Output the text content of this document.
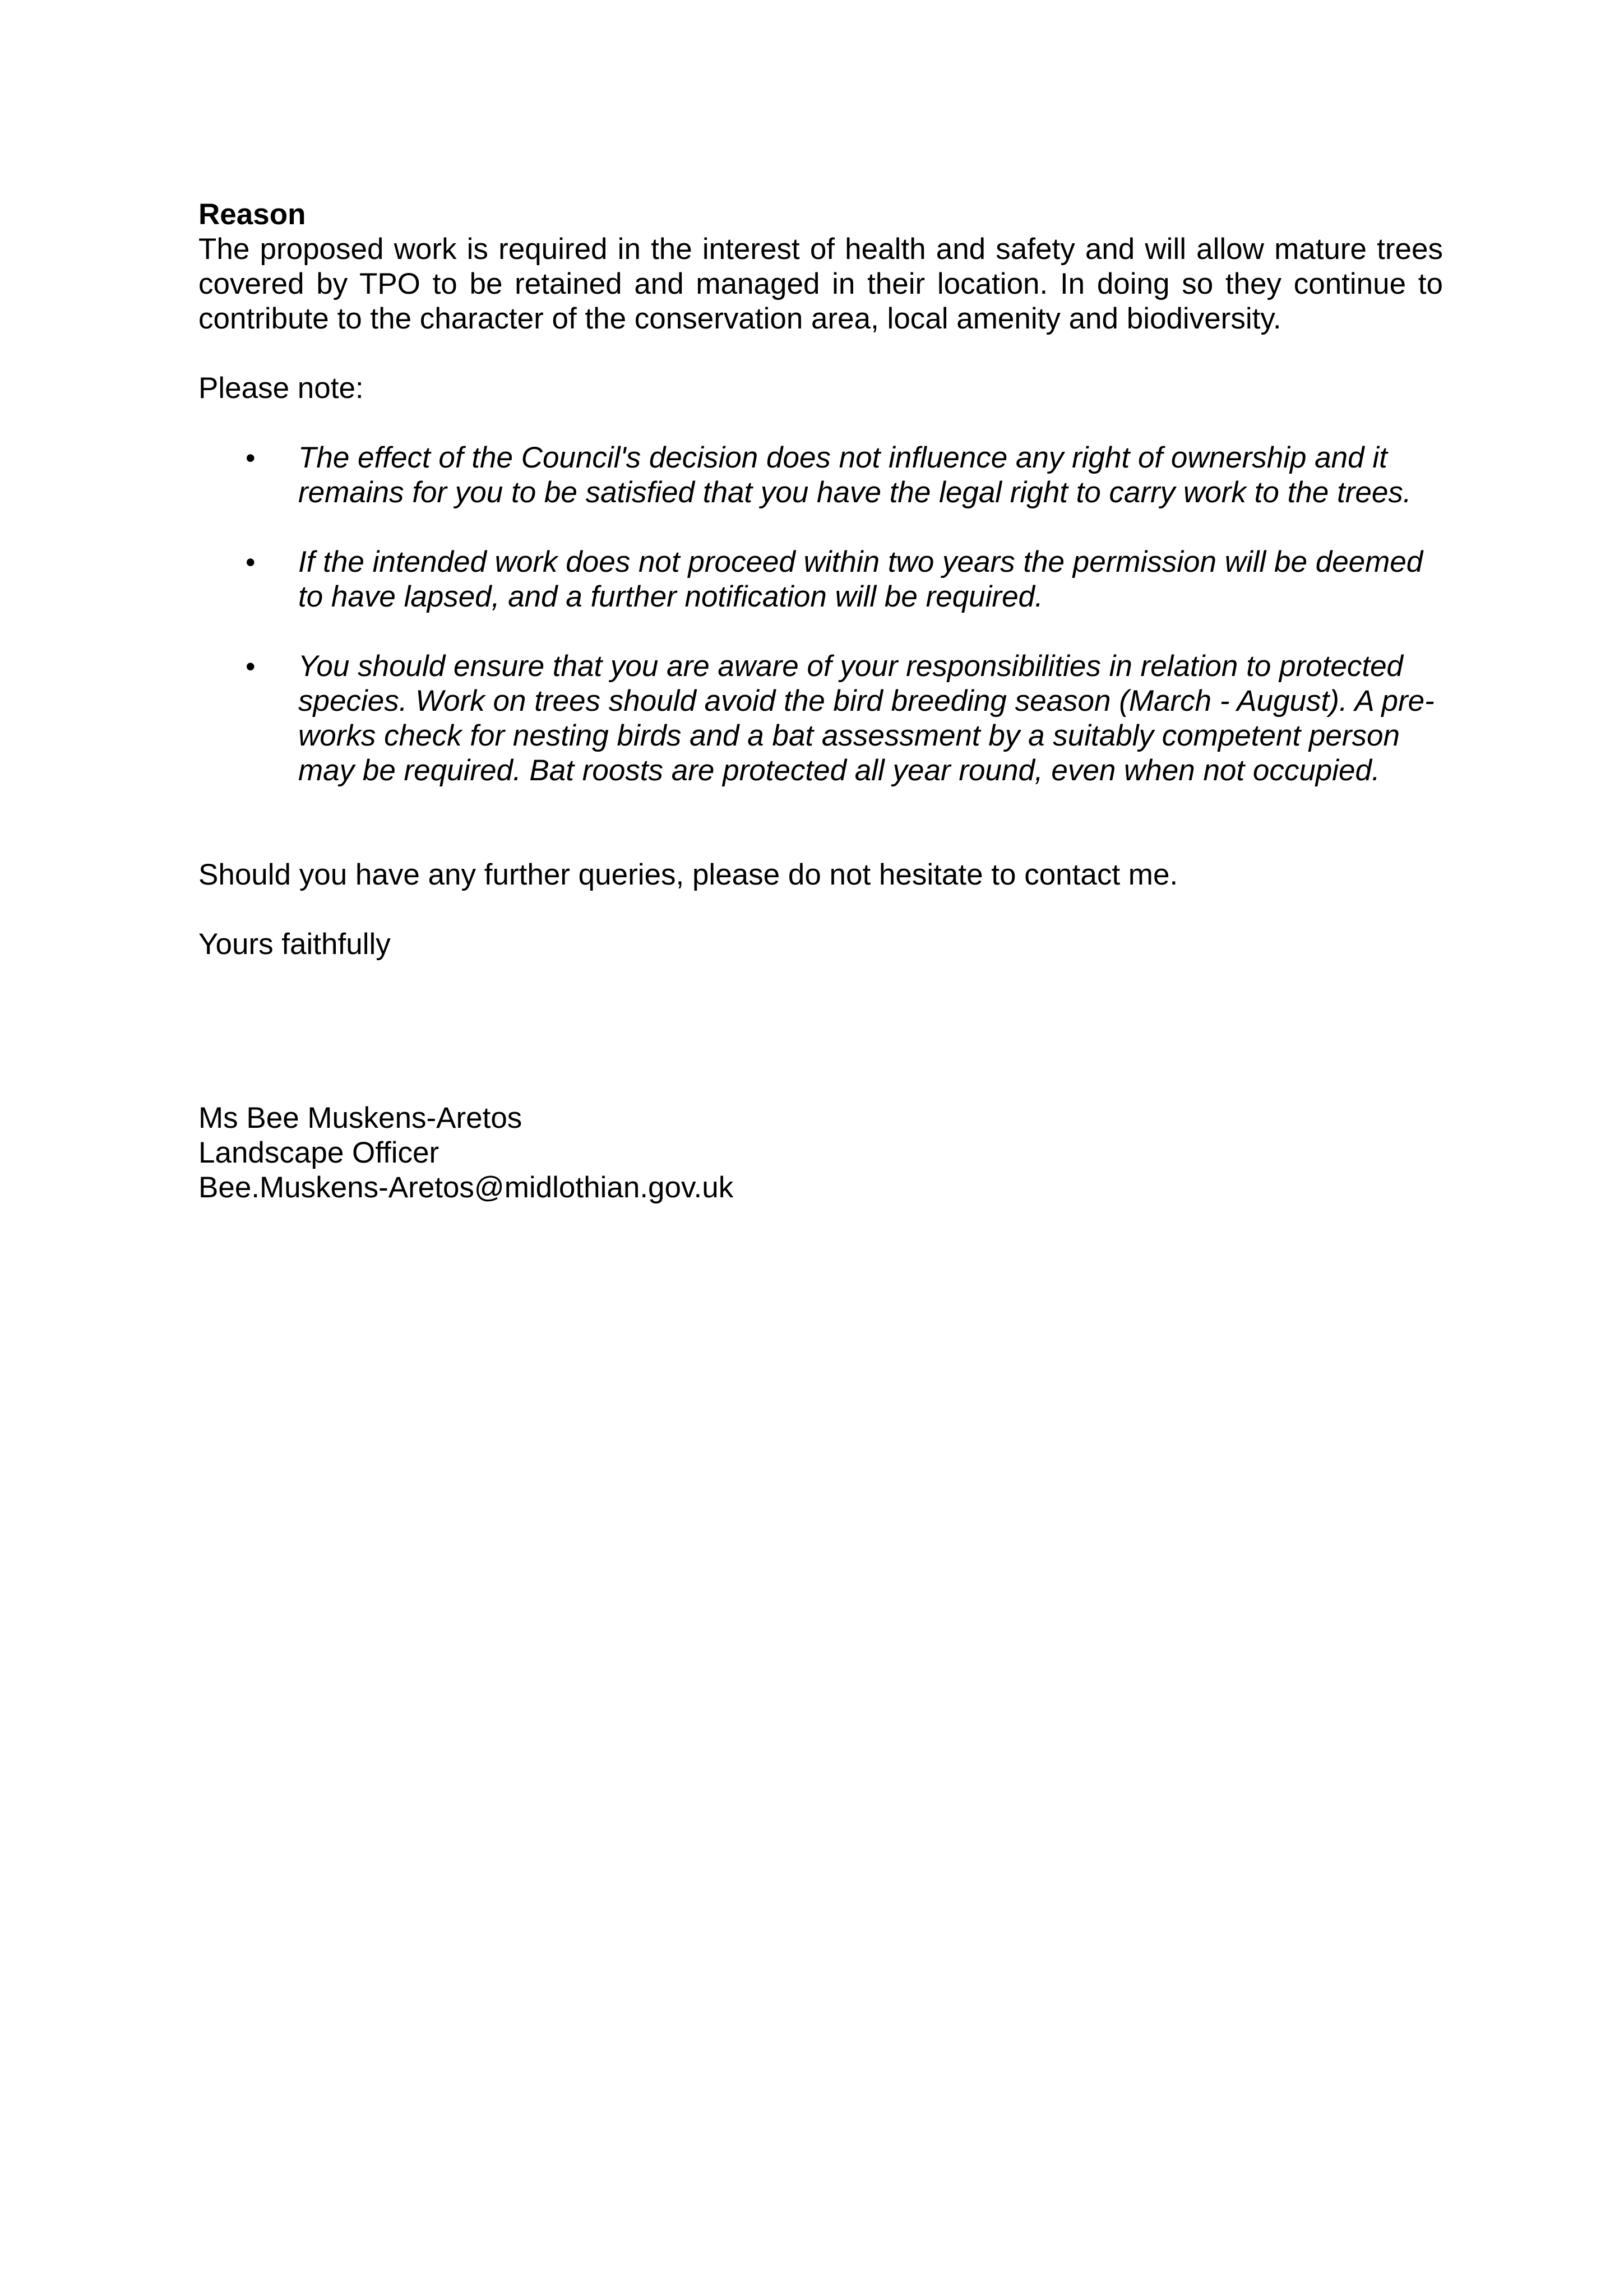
Reason

The proposed work is required in the interest of health and safety and will allow mature trees covered by TPO to be retained and managed in their location. In doing so they continue to contribute to the character of the conservation area, local amenity and biodiversity.

Please note:

• The effect of the Council's decision does not influence any right of ownership and it remains for you to be satisfied that you have the legal right to carry work to the trees.
• If the intended work does not proceed within two years the permission will be deemed to have lapsed, and a further notification will be required.
• You should ensure that you are aware of your responsibilities in relation to protected species. Work on trees should avoid the bird breeding season (March - August). A pre-works check for nesting birds and a bat assessment by a suitably competent person may be required. Bat roosts are protected all year round, even when not occupied.

Should you have any further queries, please do not hesitate to contact me.

Yours faithfully

Ms Bee Muskens-Aretos

Landscape Officer

Bee.Muskens-Aretos@midlothian.gov.uk
